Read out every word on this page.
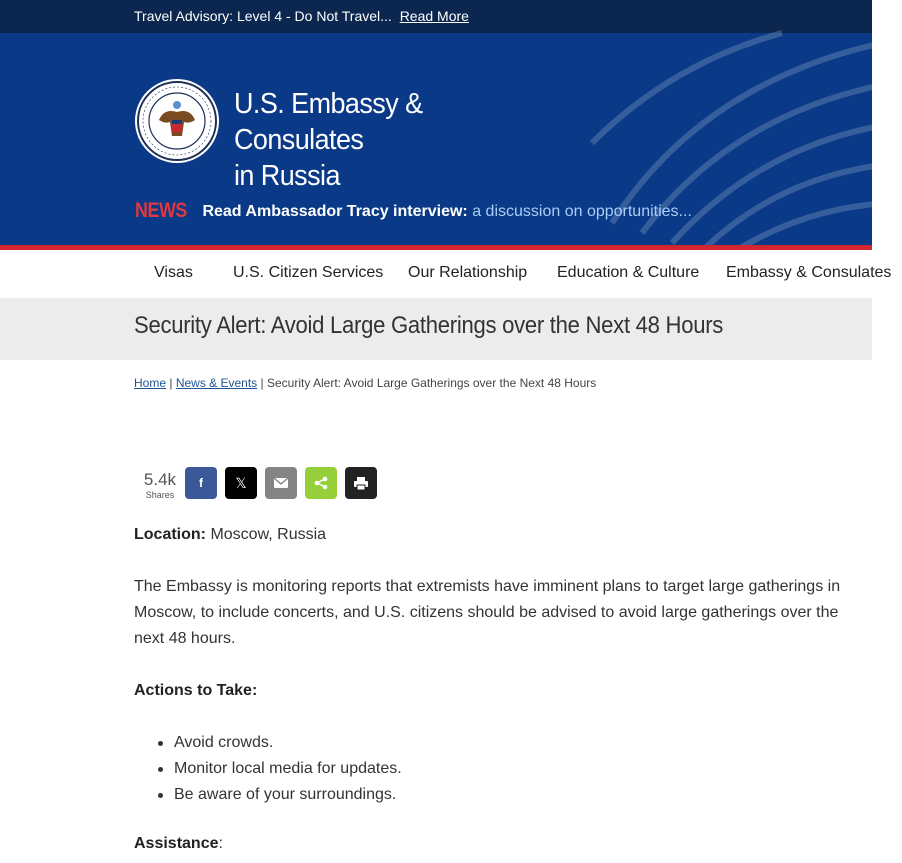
Travel Advisory: Level 4 - Do Not Travel... Read More
U.S. Embassy & Consulates
in Russia
NEWS Read Ambassador Tracy interview: a discussion on opportunities...
Visas	U.S. Citizen Services Our Relationship Education & Culture Embassy & Consulates
Security Alert: Avoid Large Gatherings over the Next 48 Hours
Home | News & Events | Security Alert: Avoid Large Gatherings over the Next 48 Hours
5.4k
Shares
f 𝕏

Location: Moscow, Russia

The Embassy is monitoring reports that extremists have imminent plans to target large gatherings in Moscow, to include concerts, and U.S. citizens should be advised to avoid large gatherings over the next 48 hours.

Actions to Take:

Avoid crowds.
Monitor local media for updates.
Be aware of your surroundings.

Assistance:
